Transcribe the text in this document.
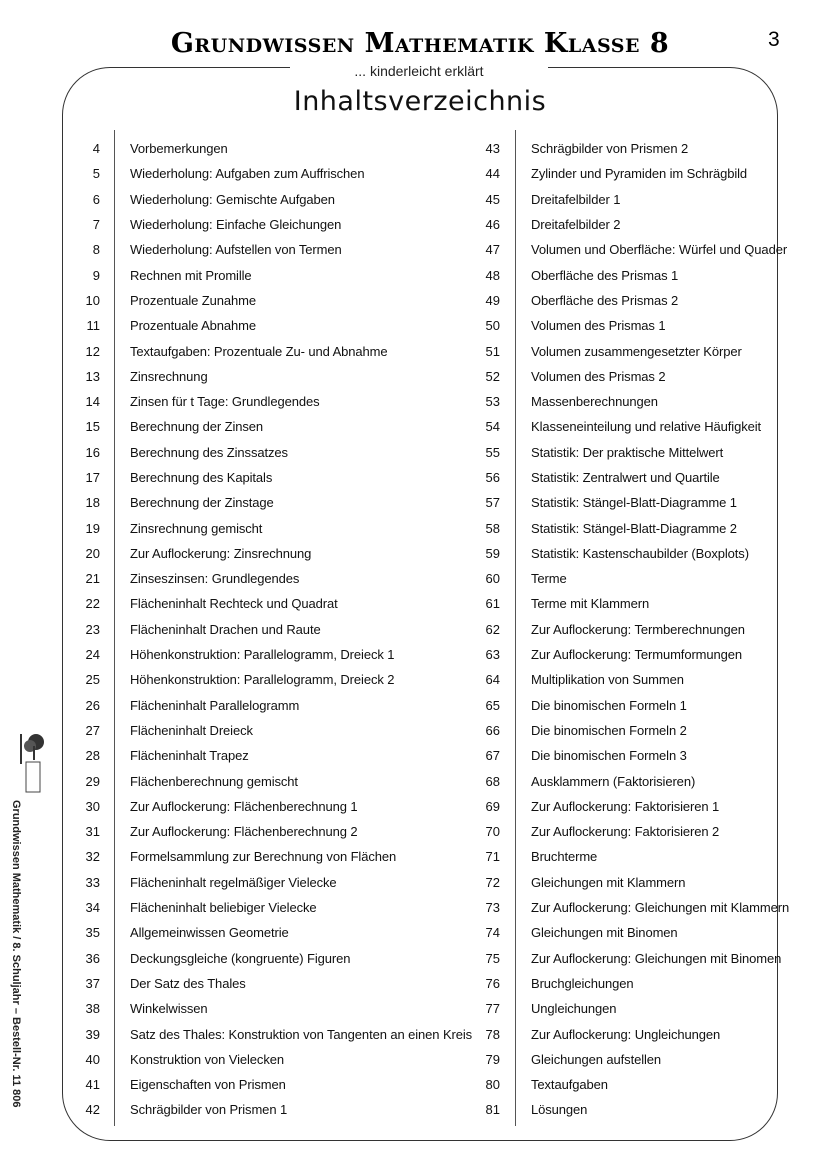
Grundwissen Mathematik Klasse 8	3
... kinderleicht erklärt
Inhaltsverzeichnis
4 Vorbemerkungen
5 Wiederholung: Aufgaben zum Auffrischen
6 Wiederholung: Gemischte Aufgaben
7 Wiederholung: Einfache Gleichungen
8 Wiederholung: Aufstellen von Termen
9 Rechnen mit Promille
10 Prozentuale Zunahme
11 Prozentuale Abnahme
12 Textaufgaben: Prozentuale Zu- und Abnahme
13 Zinsrechnung
14 Zinsen für t Tage: Grundlegendes
15 Berechnung der Zinsen
16 Berechnung des Zinssatzes
17 Berechnung des Kapitals
18 Berechnung der Zinstage
19 Zinsrechnung gemischt
20 Zur Auflockerung: Zinsrechnung
21 Zinseszinsen: Grundlegendes
22 Flächeninhalt Rechteck und Quadrat
23 Flächeninhalt Drachen und Raute
24 Höhenkonstruktion: Parallelogramm, Dreieck 1
25 Höhenkonstruktion: Parallelogramm, Dreieck 2
26 Flächeninhalt Parallelogramm
27 Flächeninhalt Dreieck
28 Flächeninhalt Trapez
29 Flächenberechnung gemischt
30 Zur Auflockerung: Flächenberechnung 1
31 Zur Auflockerung: Flächenberechnung 2
32 Formelsammlung zur Berechnung von Flächen
33 Flächeninhalt regelmäßiger Vielecke
34 Flächeninhalt beliebiger Vielecke
35 Allgemeinwissen Geometrie
36 Deckungsgleiche (kongruente) Figuren
37 Der Satz des Thales
38 Winkelwissen
39 Satz des Thales: Konstruktion von Tangenten an einen Kreis
40 Konstruktion von Vielecken
41 Eigenschaften von Prismen
42 Schrägbilder von Prismen 1
43 Schrägbilder von Prismen 2
44 Zylinder und Pyramiden im Schrägbild
45 Dreitafelbilder 1
46 Dreitafelbilder 2
47 Volumen und Oberfläche: Würfel und Quader
48 Oberfläche des Prismas 1
49 Oberfläche des Prismas 2
50 Volumen des Prismas 1
51 Volumen zusammengesetzter Körper
52 Volumen des Prismas 2
53 Massenberechnungen
54 Klasseneinteilung und relative Häufigkeit
55 Statistik: Der praktische Mittelwert
56 Statistik: Zentralwert und Quartile
57 Statistik: Stängel-Blatt-Diagramme 1
58 Statistik: Stängel-Blatt-Diagramme 2
59 Statistik: Kastenschaubilder (Boxplots)
60 Terme
61 Terme mit Klammern
62 Zur Auflockerung: Termberechnungen
63 Zur Auflockerung: Termumformungen
64 Multiplikation von Summen
65 Die binomischen Formeln 1
66 Die binomischen Formeln 2
67 Die binomischen Formeln 3
68 Ausklammern (Faktorisieren)
69 Zur Auflockerung: Faktorisieren 1
70 Zur Auflockerung: Faktorisieren 2
71 Bruchterme
72 Gleichungen mit Klammern
73 Zur Auflockerung: Gleichungen mit Klammern
74 Gleichungen mit Binomen
75 Zur Auflockerung: Gleichungen mit Binomen
76 Bruchgleichungen
77 Ungleichungen
78 Zur Auflockerung: Ungleichungen
79 Gleichungen aufstellen
80 Textaufgaben
81 Lösungen
Grundwissen Mathematik / 8. Schuljahr – Bestell-Nr. 11 806
